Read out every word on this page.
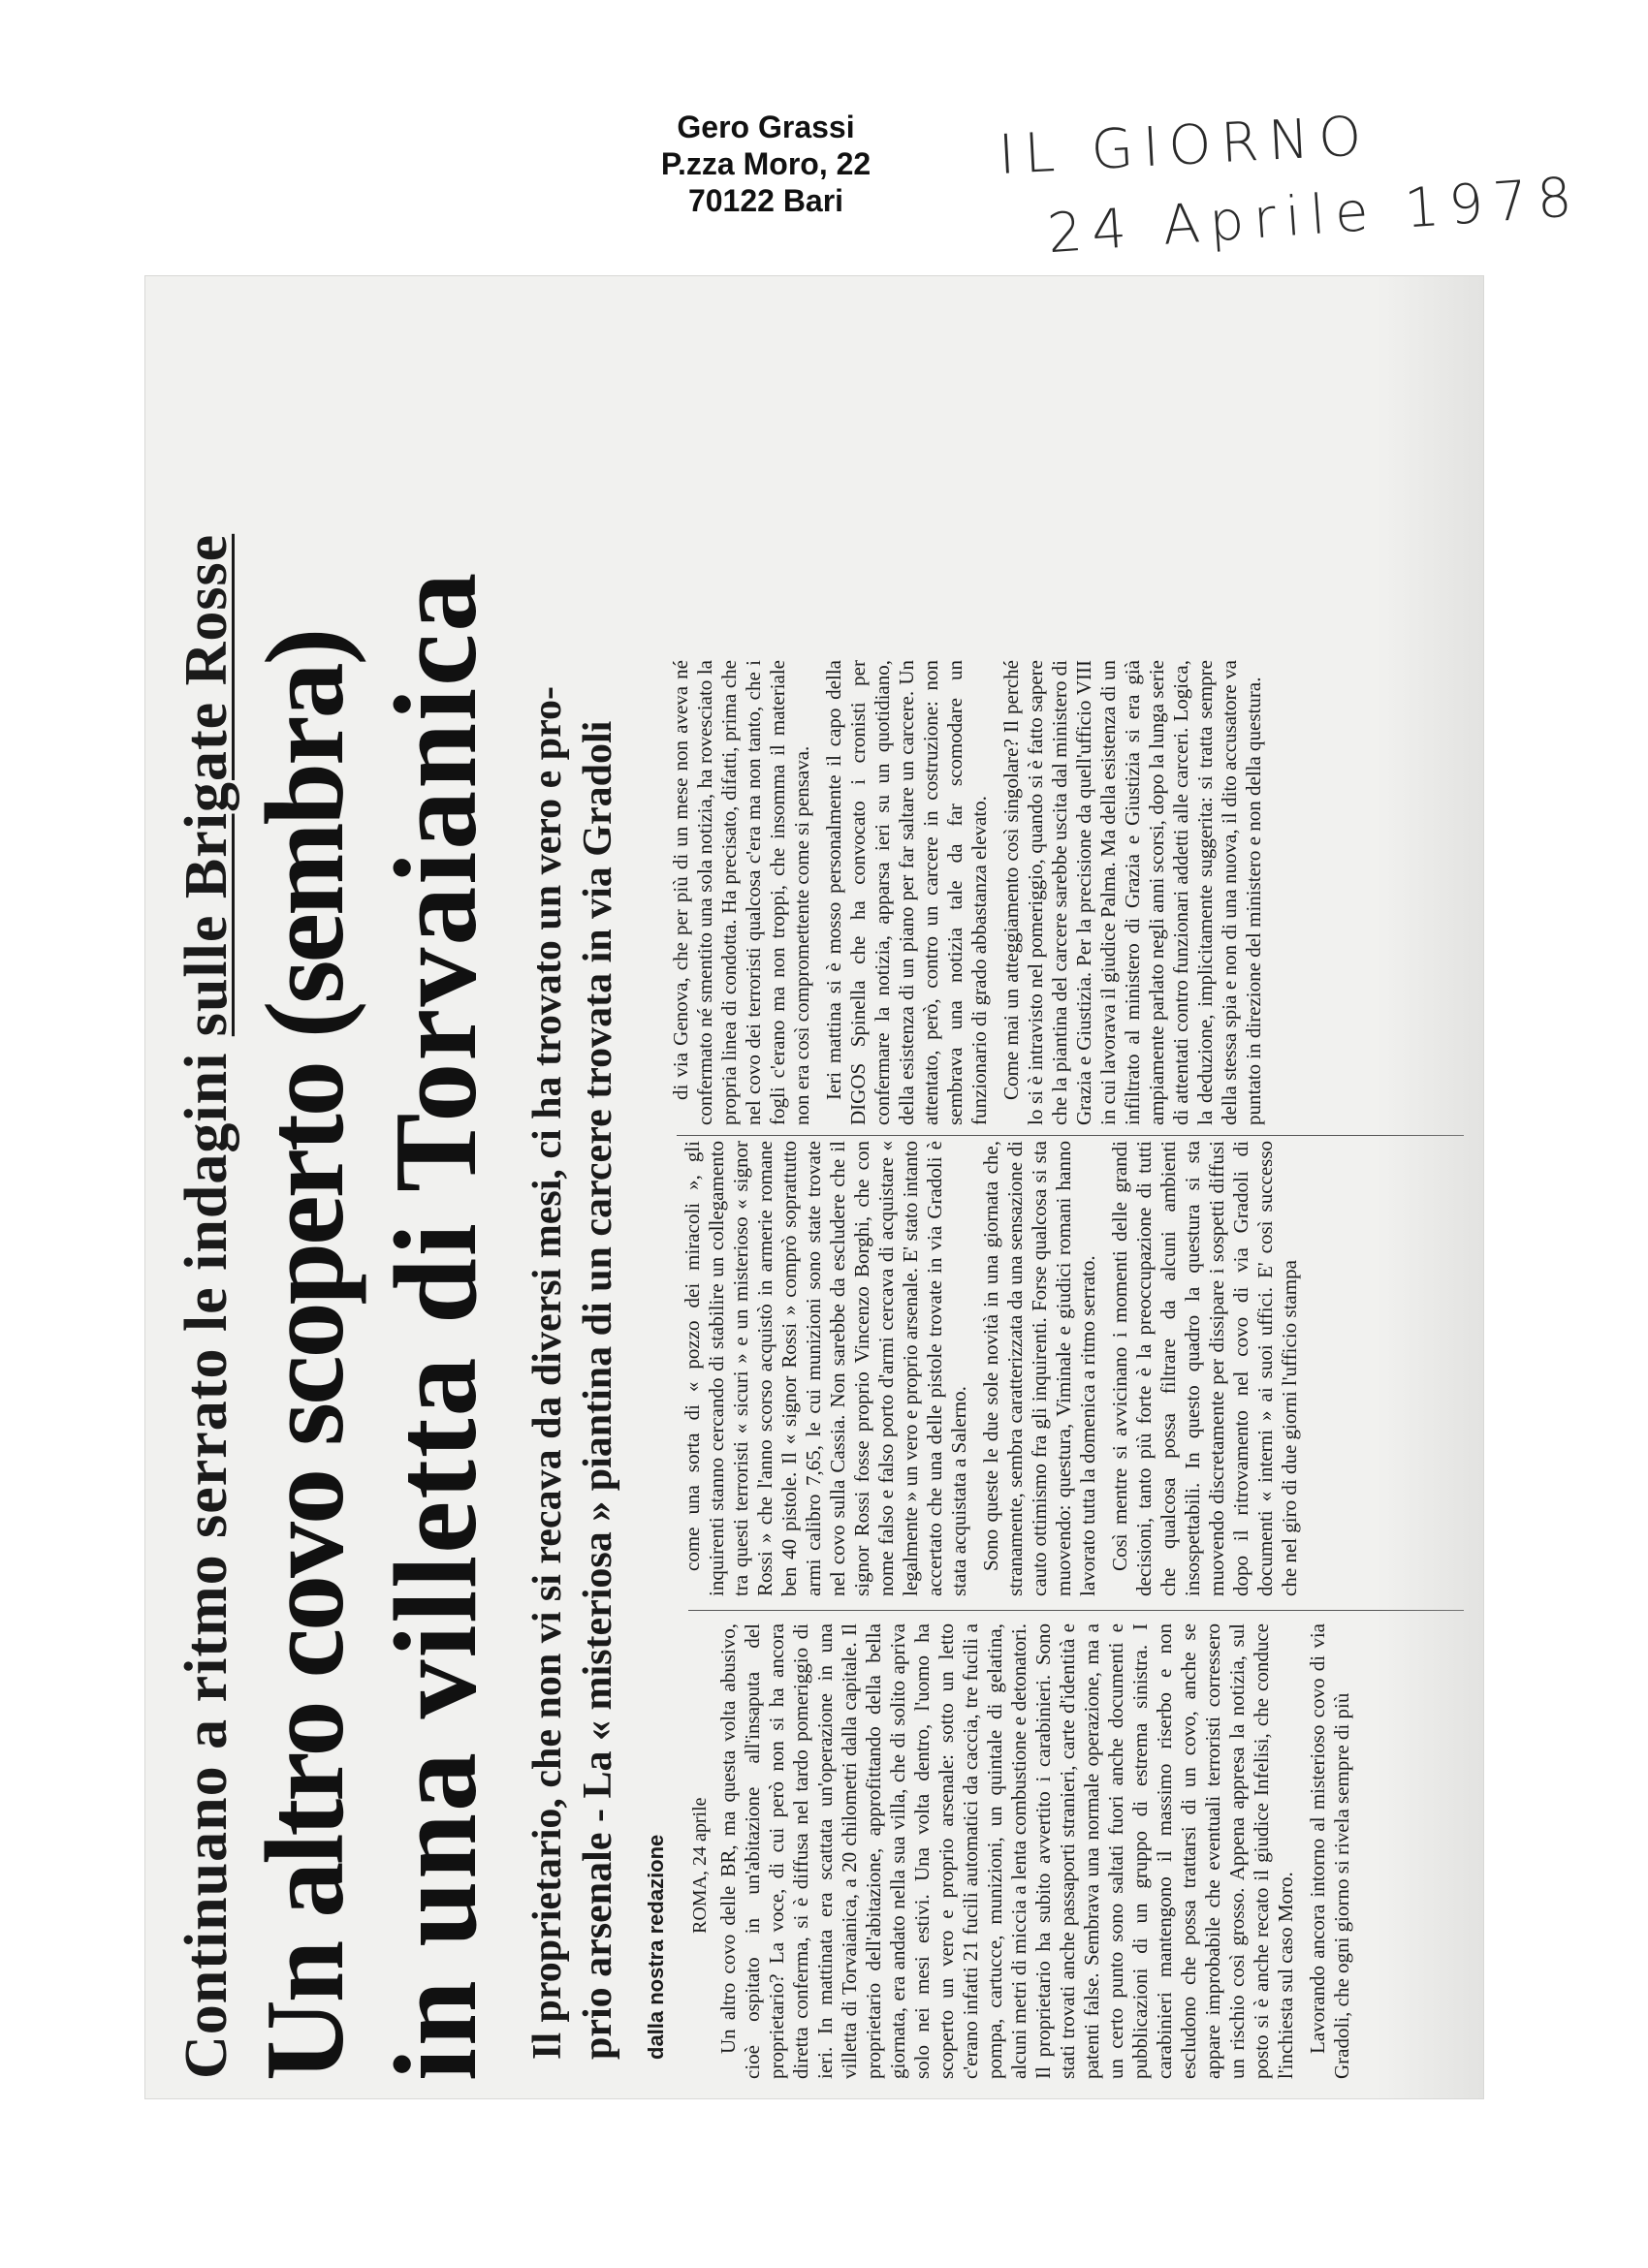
Gero Grassi
P.zza Moro, 22
70122 Bari
IL GIORNO
24 Aprile 1978
Continuano a ritmo serrato le indagini sulle Brigate Rosse Un altro covo scoperto (sembra) in una villetta di Torvaianica Il proprietario, che non vi si recava da diversi mesi, ci ha trovato un vero e pro- prio arsenale - La « misteriosa » piantina di un carcere trovata in via Gradoli dalla nostra redazione ROMA, 24 aprile Un altro covo delle BR, ma questa volta abusivo, cioè ospitato in un'abitazione all'insaputa del proprietario? La voce, di cui però non si ha ancora diretta conferma, si è diffusa nel tardo pomeriggio di ieri. In mattinata era scattata un'operazione in una villetta di Torvaianica, a 20 chilometri dalla capitale. Il proprietario dell'abitazione, approfittando della bella giornata, era andato nella sua villa, che di solito apriva solo nei mesi estivi. Una volta dentro, l'uomo ha scoperto un vero e proprio arsenale: sotto un letto c'erano infatti 21 fucili automatici da caccia, tre fucili a pompa, cartucce, munizioni, un quintale di gelatina, alcuni metri di miccia a lenta combustione e detonatori. Il proprietario ha subito avvertito i carabinieri. Sono stati trovati anche passaporti stranieri, carte d'identità e patenti false. Sembrava una normale operazione, ma a un certo punto sono saltati fuori anche documenti e pubblicazioni di un gruppo di estrema sinistra. I carabinieri mantengono il massimo riserbo e non escludono che possa trattarsi di un covo, anche se appare improbabile che eventuali terroristi corressero un rischio così grosso. Appena appresa la notizia, sul posto si è anche recato il giudice Infelisi, che conduce l'inchiesta sul caso Moro. Lavorando ancora intorno al misterioso covo di via Gradoli, che ogni giorno si rivela sempre di più

come una sorta di « pozzo dei miracoli », gli inquirenti stanno cercando di stabilire un collegamento tra questi terroristi « sicuri » e un misterioso « signor Rossi » che l'anno scorso acquistò in armerie romane ben 40 pistole. Il « signor Rossi » comprò soprattutto armi calibro 7,65, le cui munizioni sono state trovate nel covo sulla Cassia. Non sarebbe da escludere che il signor Rossi fosse proprio Vincenzo Borghi, che con nome falso e falso porto d'armi cercava di acquistare « legalmente » un vero e proprio arsenale. E' stato intanto accertato che una delle pistole trovate in via Gradoli è stata acquistata a Salerno. Sono queste le due sole novità in una giornata che, stranamente, sembra caratterizzata da una sensazione di cauto ottimismo fra gli inquirenti. Forse qualcosa si sta muovendo: questura, Viminale e giudici romani hanno lavorato tutta la domenica a ritmo serrato. Così mentre si avvicinano i momenti delle grandi decisioni, tanto più forte è la preoccupazione di tutti che qualcosa possa filtrare da alcuni ambienti insospettabili. In questo quadro la questura si sta muovendo discretamente per dissipare i sospetti diffusi dopo il ritrovamento nel covo di via Gradoli di documenti « interni » ai suoi uffici. E' così successo che nel giro di due giorni l'ufficio stampa

di via Genova, che per più di un mese non aveva né confermato né smentito una sola notizia, ha rovesciato la propria linea di condotta. Ha precisato, difatti, prima che nel covo dei terroristi qualcosa c'era ma non tanto, che i fogli c'erano ma non troppi, che insomma il materiale non era così compromettente come si pensava. Ieri mattina si è mosso personalmente il capo della DIGOS Spinella che ha convocato i cronisti per confermare la notizia, apparsa ieri su un quotidiano, della esistenza di un piano per far saltare un carcere. Un attentato, però, contro un carcere in costruzione: non sembrava una notizia tale da far scomodare un funzionario di grado abbastanza elevato. Come mai un atteggiamento così singolare? Il perché lo si è intravisto nel pomeriggio, quando si è fatto sapere che la piantina del carcere sarebbe uscita dal ministero di Grazia e Giustizia. Per la precisione da quell'ufficio VIII in cui lavorava il giudice Palma. Ma della esistenza di un infiltrato al ministero di Grazia e Giustizia si era già ampiamente parlato negli anni scorsi, dopo la lunga serie di attentati contro funzionari addetti alle carceri. Logica, la deduzione, implicitamente suggerita: si tratta sempre della stessa spia e non di una nuova, il dito accusatore va puntato in direzione del ministero e non della questura.
